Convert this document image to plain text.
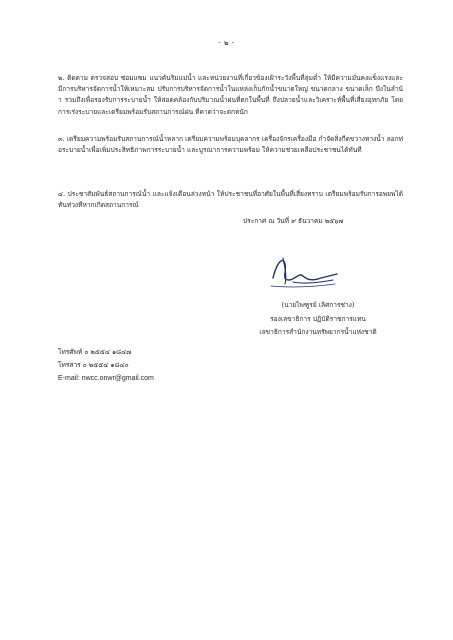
- ๒ -
๒. ติดตาม ตรวจสอบ ซ่อมแซม แนวคันริมแม่น้ำ และหน่วยงานที่เกี่ยวข้องเฝ้าระวังพื้นที่ลุ่มต่ำ ให้มีความมั่นคงแข็งแรงและมีการบริหารจัดการน้ำให้เหมาะสม ปรับการบริหารจัดการน้ำในแหล่งเก็บกักน้ำขนาดใหญ่ ขนาดกลาง ขนาดเล็ก บึงในลำน้ำ รวมถึงเพื่อรองรับการระบายน้ำ ให้สอดคล้องกับปริมาณน้ำฝนที่ตกในพื้นที่ ถึงปลายน้ำและวิเคราะห์พื้นที่เสี่ยงอุทกภัย โดยการเร่งระบายและเตรียมพร้อมรับสถานการณ์ฝน ที่คาดว่าจะตกหนัก
๓. เตรียมความพร้อมรับสถานการณ์น้ำหลาก เตรียมความพร้อมบุคลากร เครื่องจักรเครื่องมือ กำจัดสิ่งกีดขวางทางน้ำ ลอกท่อระบายน้ำเพื่อเพิ่มประสิทธิภาพการระบายน้ำ และบูรณาการความพร้อม ให้ความช่วยเหลือประชาชนได้ทันที
๔. ประชาสัมพันธ์สถานการณ์น้ำ และแจ้งเตือนล่วงหน้า ให้ประชาชนที่อาศัยในพื้นที่เสี่ยงทราบ เตรียมพร้อมรับการอพยพได้ทันท่วงทีหากเกิดสถานการณ์
ประกาศ ณ วันที่ ๙ ธันวาคม ๒๕๖๗
(นายไพฑูรย์ เลิศการช่าง)
รองเลขาธิการ ปฏิบัติราชการแทน
เลขาธิการสำนักงานทรัพยากรน้ำแห่งชาติ
โทรศัพท์ ๐ ๒๕๕๔ ๑๘๔๗
โทรสาร ๐ ๒๕๕๔ ๑๘๔๐
E-mail: nwcc.onwr@gmail.com
